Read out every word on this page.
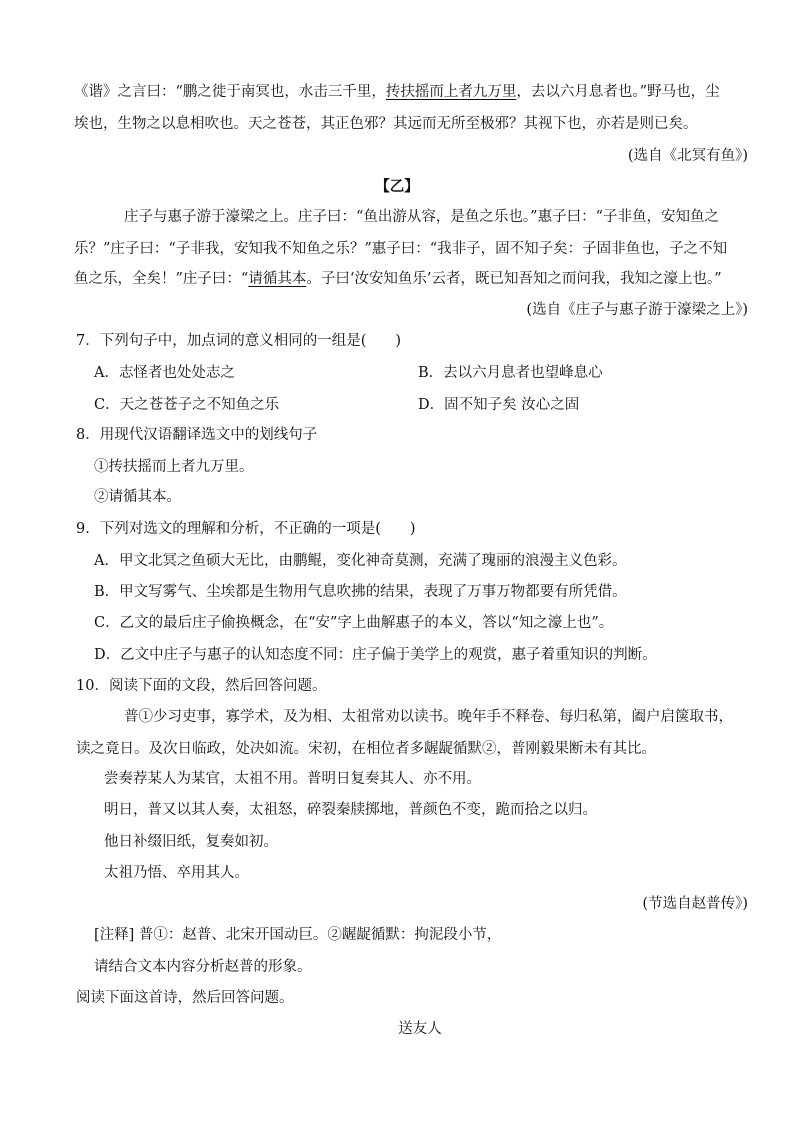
《谐》之言曰：“鹏之徙于南冥也，水击三千里，抟扶摇而上者九万里，去以六月息者也。”野马也，尘
埃也，生物之以息相吹也。天之苍苍，其正色邪？其远而无所至极邪？其视下也，亦若是则已矣。
(选自《北冥有鱼》)
【乙】
庄子与惠子游于濠梁之上。庄子曰：“鱼出游从容，是鱼之乐也。”惠子曰：“子非鱼，安知鱼之
乐？”庄子曰：“子非我，安知我不知鱼之乐？”惠子曰：“我非子，固不知子矣：子固非鱼也，子之不知
鱼之乐，全矣！”庄子曰：“请循其本。子曰‘汝安知鱼乐’云者，既已知吾知之而问我，我知之濠上也。”
(选自《庄子与惠子游于濠梁之上》)
7．下列句子中，加点词的意义相同的一组是(　　)
A．志怪者也处处志之	B．去以六月息者也望峰息心
C．天之苍苍子之不知鱼之乐	D．固不知子矣 汝心之固
8．用现代汉语翻译选文中的划线句子
①抟扶摇而上者九万里。
②请循其本。
9．下列对选文的理解和分析，不正确的一项是(　　)
A．甲文北冥之鱼硕大无比，由鹏鲲，变化神奇莫测，充满了瑰丽的浪漫主义色彩。
B．甲文写雾气、尘埃都是生物用气息吹拂的结果，表现了万事万物都要有所凭借。
C．乙文的最后庄子偷换概念，在“安”字上曲解惠子的本义，答以“知之濠上也”。
D．乙文中庄子与惠子的认知态度不同：庄子偏于美学上的观赏，惠子着重知识的判断。
10．阅读下面的文段，然后回答问题。
普①少习吏事，寡学术，及为相、太祖常劝以读书。晚年手不释卷、每归私第，阖户启箧取书，
读之竟日。及次日临政，处决如流。宋初，在相位者多龌龊循默②，普刚毅果断未有其比。
尝奏荐某人为某官，太祖不用。普明日复奏其人、亦不用。
明日，普又以其人奏，太祖怒，碎裂秦牍掷地，普颜色不变，跪而拾之以归。
他日补缀旧纸，复奏如初。
太祖乃悟、卒用其人。
(节选自赵普传》)
[注释] 普①：赵普、北宋开国动巨。②龌龊循默：拘泥段小节，
请结合文本内容分析赵普的形象。
阅读下面这首诗，然后回答问题。
送友人
